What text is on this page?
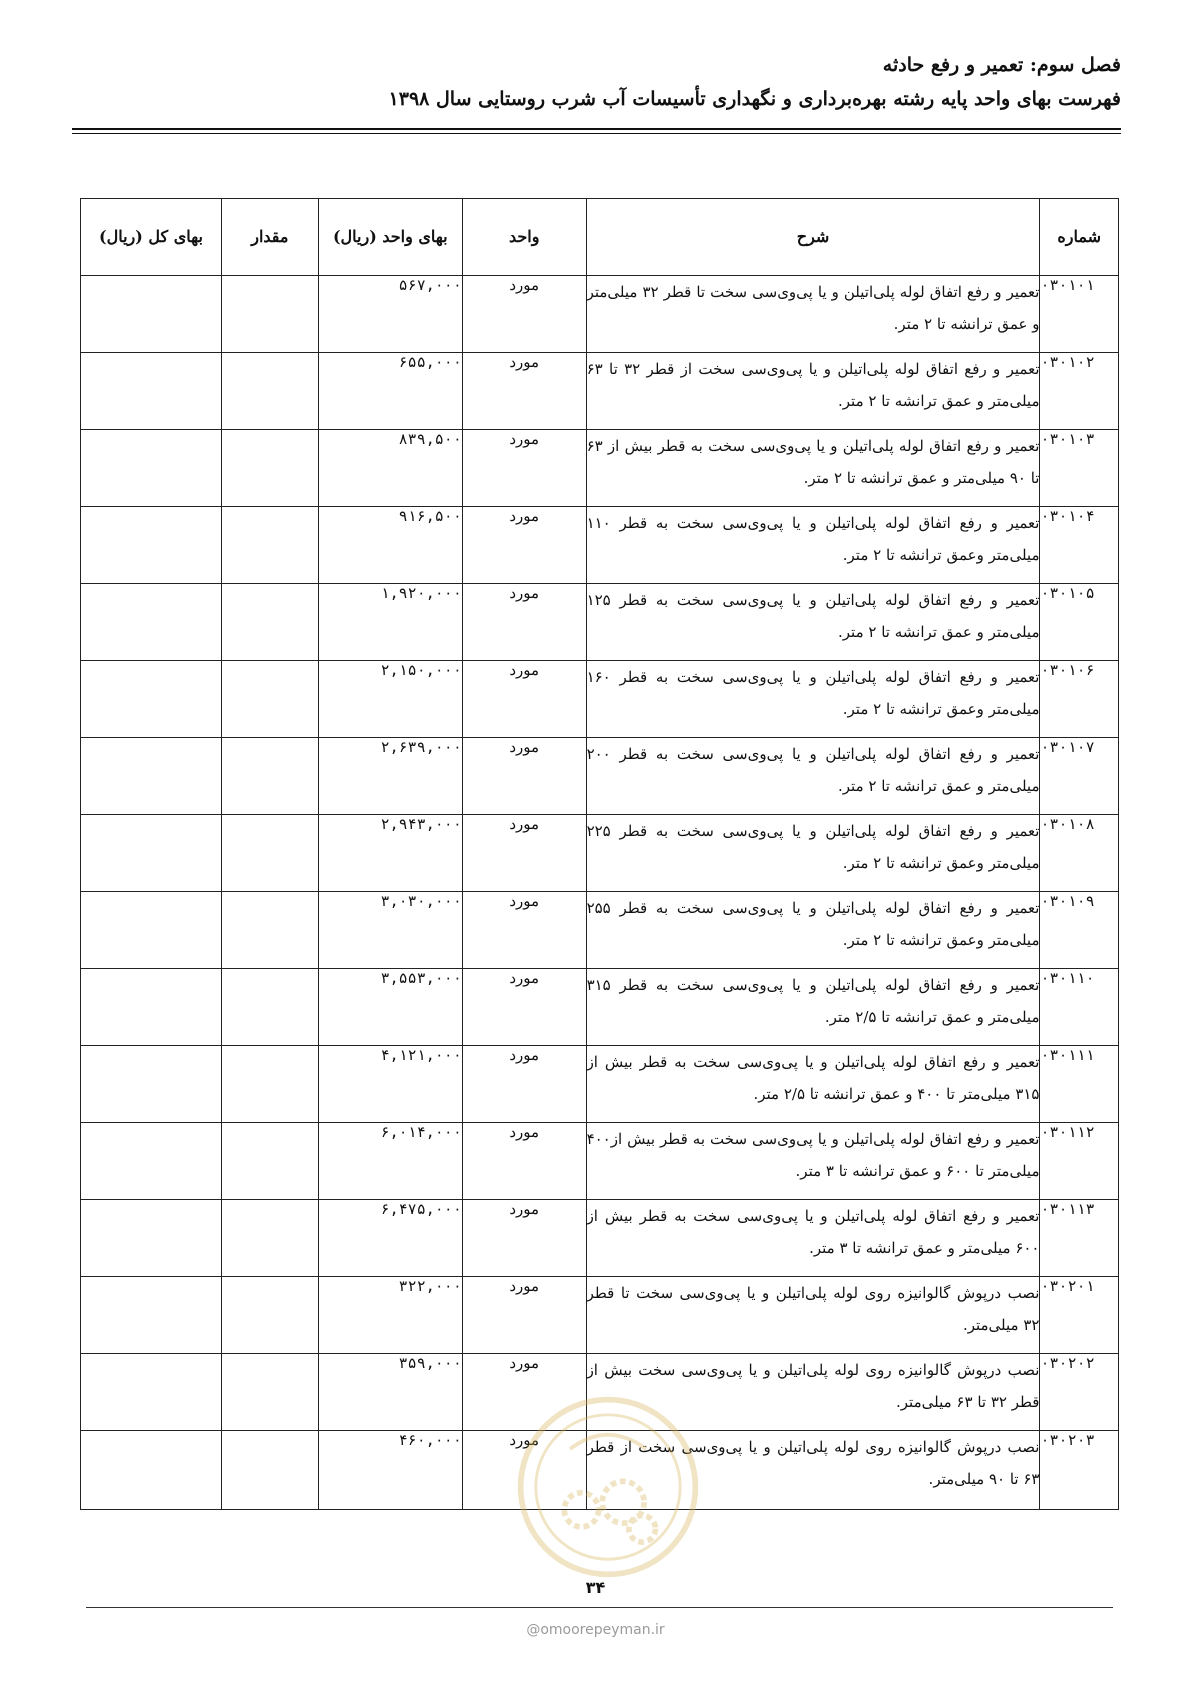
فصل سوم: تعمیر و رفع حادثه
فهرست بهای واحد پایه رشته بهره‌برداری و نگهداری تأسیسات آب شرب روستایی سال ۱۳۹۸
شماره	شرح	واحد	بهای واحد (ریال)	مقدار	بهای کل (ریال)
۰۳۰۱۰۱	تعمیر و رفع اتفاق لوله پلی‌اتیلن و یا پی‌وی‌سی سخت تا قطر ۳۲ میلی‌متر و عمق ترانشه تا ۲ متر.	مورد	۵۶۷,۰۰۰		
۰۳۰۱۰۲	تعمیر و رفع اتفاق لوله پلی‌اتیلن و یا پی‌وی‌سی سخت از قطر ۳۲ تا ۶۳ میلی‌متر و عمق ترانشه تا ۲ متر.	مورد	۶۵۵,۰۰۰		
۰۳۰۱۰۳	تعمیر و رفع اتفاق لوله پلی‌اتیلن و یا پی‌وی‌سی سخت به قطر بیش از ۶۳ تا ۹۰ میلی‌متر و عمق ترانشه تا ۲ متر.	مورد	۸۳۹,۵۰۰		
۰۳۰۱۰۴	تعمیر و رفع اتفاق لوله پلی‌اتیلن و یا پی‌وی‌سی سخت به قطر ۱۱۰ میلی‌متر وعمق ترانشه تا ۲ متر.	مورد	۹۱۶,۵۰۰		
۰۳۰۱۰۵	تعمیر و رفع اتفاق لوله پلی‌اتیلن و یا پی‌وی‌سی سخت به قطر ۱۲۵ میلی‌متر و عمق ترانشه تا ۲ متر.	مورد	۱,۹۲۰,۰۰۰		
۰۳۰۱۰۶	تعمیر و رفع اتفاق لوله پلی‌اتیلن و یا پی‌وی‌سی سخت به قطر ۱۶۰ میلی‌متر وعمق ترانشه تا ۲ متر.	مورد	۲,۱۵۰,۰۰۰		
۰۳۰۱۰۷	تعمیر و رفع اتفاق لوله پلی‌اتیلن و یا پی‌وی‌سی سخت به قطر ۲۰۰ میلی‌متر و عمق ترانشه تا ۲ متر.	مورد	۲,۶۳۹,۰۰۰		
۰۳۰۱۰۸	تعمیر و رفع اتفاق لوله پلی‌اتیلن و یا پی‌وی‌سی سخت به قطر ۲۲۵ میلی‌متر وعمق ترانشه تا ۲ متر.	مورد	۲,۹۴۳,۰۰۰		
۰۳۰۱۰۹	تعمیر و رفع اتفاق لوله پلی‌اتیلن و یا پی‌وی‌سی سخت به قطر ۲۵۵ میلی‌متر وعمق ترانشه تا ۲ متر.	مورد	۳,۰۳۰,۰۰۰		
۰۳۰۱۱۰	تعمیر و رفع اتفاق لوله پلی‌اتیلن و یا پی‌وی‌سی سخت به قطر ۳۱۵ میلی‌متر و عمق ترانشه تا ۲/۵ متر.	مورد	۳,۵۵۳,۰۰۰		
۰۳۰۱۱۱	تعمیر و رفع اتفاق لوله پلی‌اتیلن و یا پی‌وی‌سی سخت به قطر بیش از ۳۱۵ میلی‌متر تا ۴۰۰ و عمق ترانشه تا ۲/۵ متر.	مورد	۴,۱۲۱,۰۰۰		
۰۳۰۱۱۲	تعمیر و رفع اتفاق لوله پلی‌اتیلن و یا پی‌وی‌سی سخت به قطر بیش از۴۰۰ میلی‌متر تا ۶۰۰ و عمق ترانشه تا ۳ متر.	مورد	۶,۰۱۴,۰۰۰		
۰۳۰۱۱۳	تعمیر و رفع اتفاق لوله پلی‌اتیلن و یا پی‌وی‌سی سخت به قطر بیش از ۶۰۰ میلی‌متر و عمق ترانشه تا ۳ متر.	مورد	۶,۴۷۵,۰۰۰		
۰۳۰۲۰۱	نصب درپوش گالوانیزه روی لوله پلی‌اتیلن و یا پی‌وی‌سی سخت تا قطر ۳۲ میلی‌متر.	مورد	۳۲۲,۰۰۰		
۰۳۰۲۰۲	نصب درپوش گالوانیزه روی لوله پلی‌اتیلن و یا پی‌وی‌سی سخت بیش از قطر ۳۲ تا ۶۳ میلی‌متر.	مورد	۳۵۹,۰۰۰		
۰۳۰۲۰۳	نصب درپوش گالوانیزه روی لوله پلی‌اتیلن و یا پی‌وی‌سی سخت از قطر ۶۳ تا ۹۰ میلی‌متر.	مورد	۴۶۰,۰۰۰		
۳۴
@omoorepeyman.ir
